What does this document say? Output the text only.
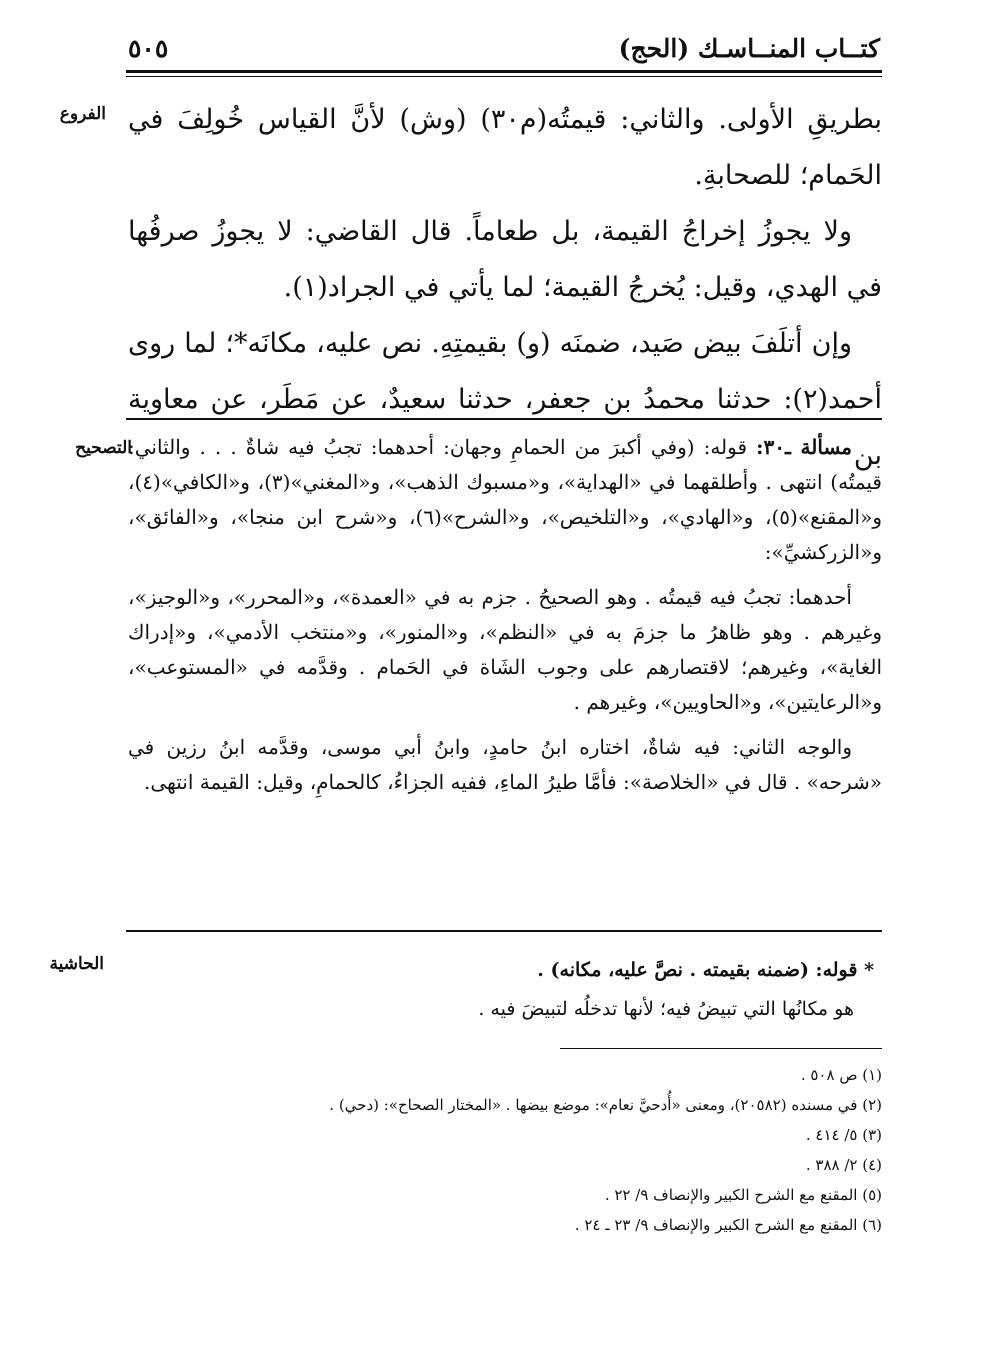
كتــاب المنــاسـك (الحج)
٥٠٥
الفروع بطريقِ الأولى. والثاني: قيمتُه(م٣٠) (وش) لأنَّ القياس خُولِفَ في الحَمام؛ للصحابةِ.

ولا يجوزُ إخراجُ القيمة، بل طعاماً. قال القاضي: لا يجوزُ صرفُها في الهدي، وقيل: يُخرجُ القيمة؛ لما يأتي في الجراد(١).

وإن أتلَفَ بيض صَيد، ضمنَه (و) بقيمتِهِ. نص عليه، مكانَه*؛ لما روى أحمد(٢): حدثنا محمدُ بن جعفر، حدثنا سعيدٌ، عن مَطَر، عن معاوية بن

التصحيح	مسألة ـ٣٠: قوله: (وفي أكبرَ من الحمامِ وجهان: أحدهما: تجبُ فيه شاةٌ . . . والثاني: قيمتُه) انتهى . وأطلقهما في «الهداية»، و«مسبوك الذهب»، و«المغني»(٣)، و«الكافي»(٤)، و«المقنع»(٥)، و«الهادي»، و«التلخيص»، و«الشرح»(٦)، و«شرح ابن منجا»، و«الفائق»، و«الزركشيِّ»:

أحدهما: تجبُ فيه قيمتُه . وهو الصحيحُ . جزم به في «العمدة»، و«المحرر»، و«الوجيز»، وغيرهم . وهو ظاهرُ ما جزمَ به في «النظم»، و«المنور»، و«منتخب الأدمي»، و«إدراك الغاية»، وغيرهم؛ لاقتصارهم على وجوب الشَاة في الحَمام . وقدَّمه في «المستوعب»، و«الرعايتين»، و«الحاويين»، وغيرهم .

والوجه الثاني: فيه شاةٌ، اختاره ابنُ حامدٍ، وابنُ أبي موسى، وقدَّمه ابنُ رزين في «شرحه» . قال في «الخلاصة»: فأمَّا طيرُ الماءِ، ففيه الجزاءُ، كالحمامِ، وقيل: القيمة انتهى.

الحاشية	* قوله: (ضمنه بقيمته . نصَّ عليه، مكانه) .
هو مكانُها التي تبيضُ فيه؛ لأنها تدخلُه لتبيضَ فيه .
(١) ص ٥٠٨ .
(٢) في مسنده (٢٠٥٨٢)، ومعنى «أُدحيَّ نعام»: موضع بيضها . «المختار الصحاح»: (دحي) .
(٣) ٥/ ٤١٤ .
(٤) ٢/ ٣٨٨ .
(٥) المقنع مع الشرح الكبير والإنصاف ٩/ ٢٢ .
(٦) المقنع مع الشرح الكبير والإنصاف ٩/ ٢٣ ـ ٢٤ .
